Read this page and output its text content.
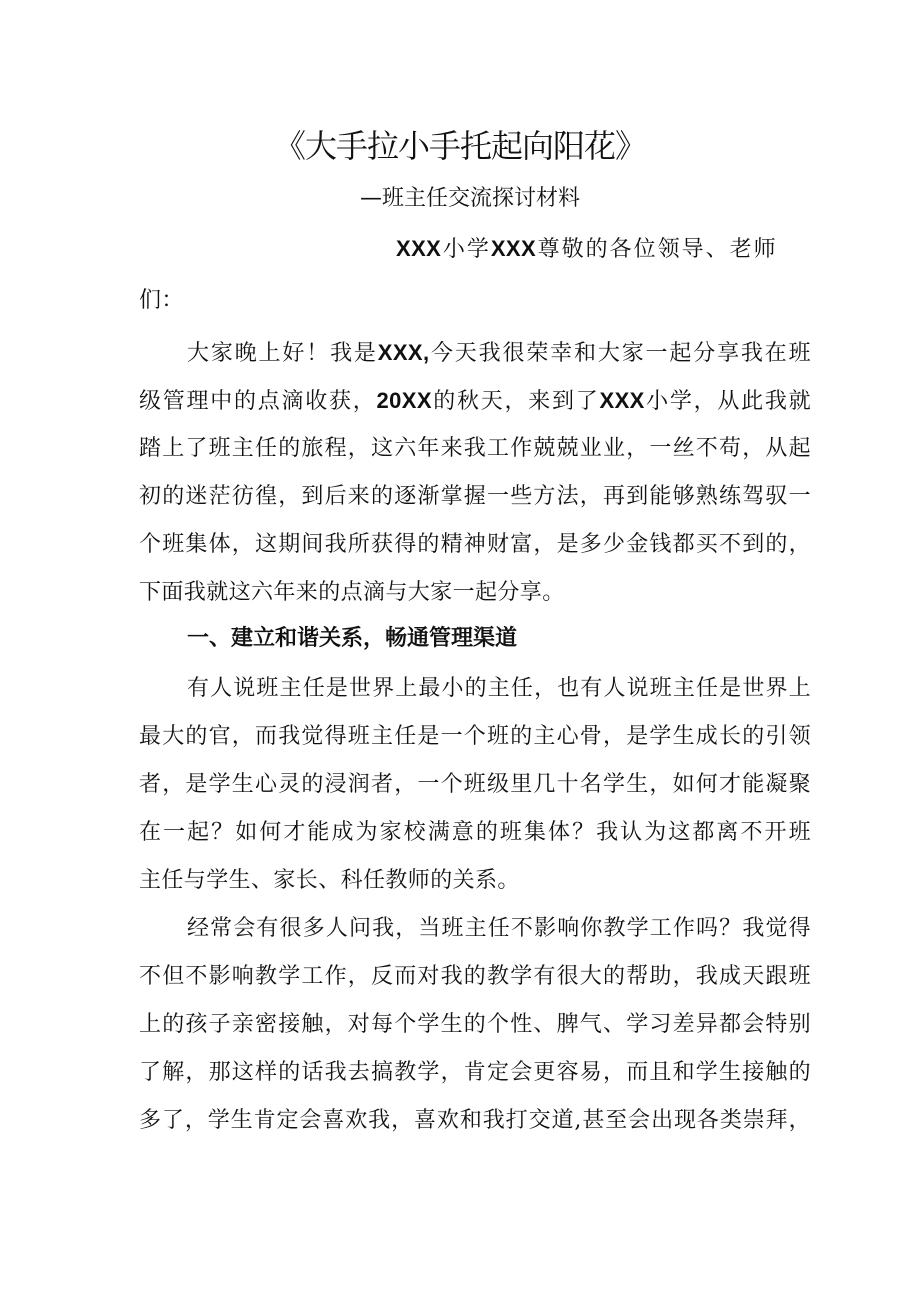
《大手拉小手托起向阳花》
—班主任交流探讨材料
XXX小学XXX尊敬的各位领导、老师
们：
大家晚上好！我是XXX,今天我很荣幸和大家一起分享我在班
级管理中的点滴收获，20XX的秋天，来到了XXX小学，从此我就
踏上了班主任的旅程，这六年来我工作兢兢业业，一丝不苟，从起
初的迷茫彷徨，到后来的逐渐掌握一些方法，再到能够熟练驾驭一
个班集体，这期间我所获得的精神财富，是多少金钱都买不到的，
下面我就这六年来的点滴与大家一起分享。
一、建立和谐关系，畅通管理渠道
有人说班主任是世界上最小的主任，也有人说班主任是世界上
最大的官，而我觉得班主任是一个班的主心骨，是学生成长的引领
者，是学生心灵的浸润者，一个班级里几十名学生，如何才能凝聚
在一起？如何才能成为家校满意的班集体？我认为这都离不开班
主任与学生、家长、科任教师的关系。
经常会有很多人问我，当班主任不影响你教学工作吗？我觉得
不但不影响教学工作，反而对我的教学有很大的帮助，我成天跟班
上的孩子亲密接触，对每个学生的个性、脾气、学习差异都会特别
了解，那这样的话我去搞教学，肯定会更容易，而且和学生接触的
多了，学生肯定会喜欢我，喜欢和我打交道,甚至会出现各类崇拜，
